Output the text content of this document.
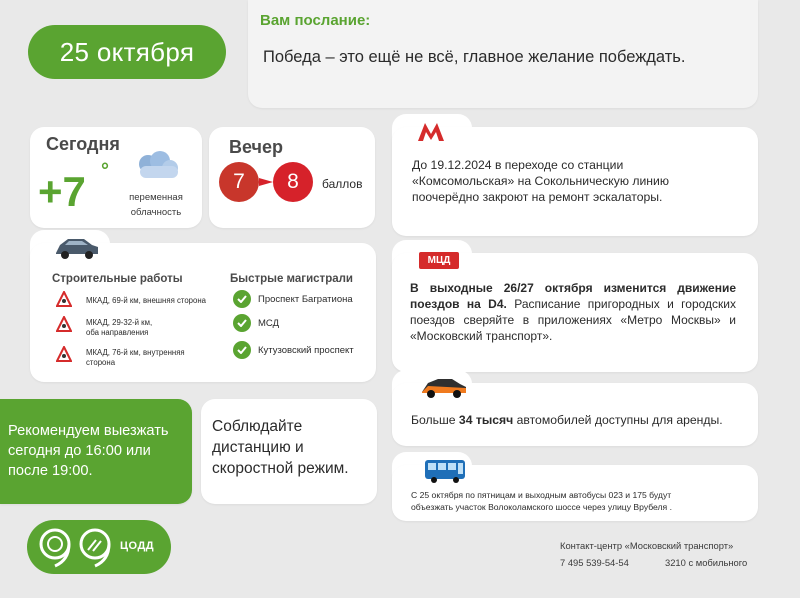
25 октября
Вам послание:
Победа – это ещё не всё, главное желание побеждать.
Сегодня
+7 °
переменная
облачность
Вечер
7	8	баллов
До 19.12.2024 в переходе со станции
«Комсомольская» на Сокольническую линию
поочерёдно закроют на ремонт эскалаторы.
Строительные работы	Быстрые магистрали
МКАД, 69-й км, внешняя сторона
МКАД, 29-32-й км,
оба направления
МКАД, 76-й км, внутренняя
сторона
Проспект Багратиона
МСД
Кутузовский проспект
МЦД
В выходные 26/27 октября изменится движение поездов на D4. Расписание пригородных и городских поездов сверяйте в приложениях «Метро Москвы» и «Московский транспорт».
Рекомендуем выезжать сегодня до 16:00 или после 19:00.
Соблюдайте дистанцию и скоростной режим.
Больше 34 тысяч автомобилей доступны для аренды.
С 25 октября по пятницам и выходным автобусы 023 и 175 будут
объезжать участок Волоколамского шоссе через улицу Врубеля .
ЦОДД	Контакт-центр «Московский транспорт»
7 495 539-54-54	3210 с мобильного
